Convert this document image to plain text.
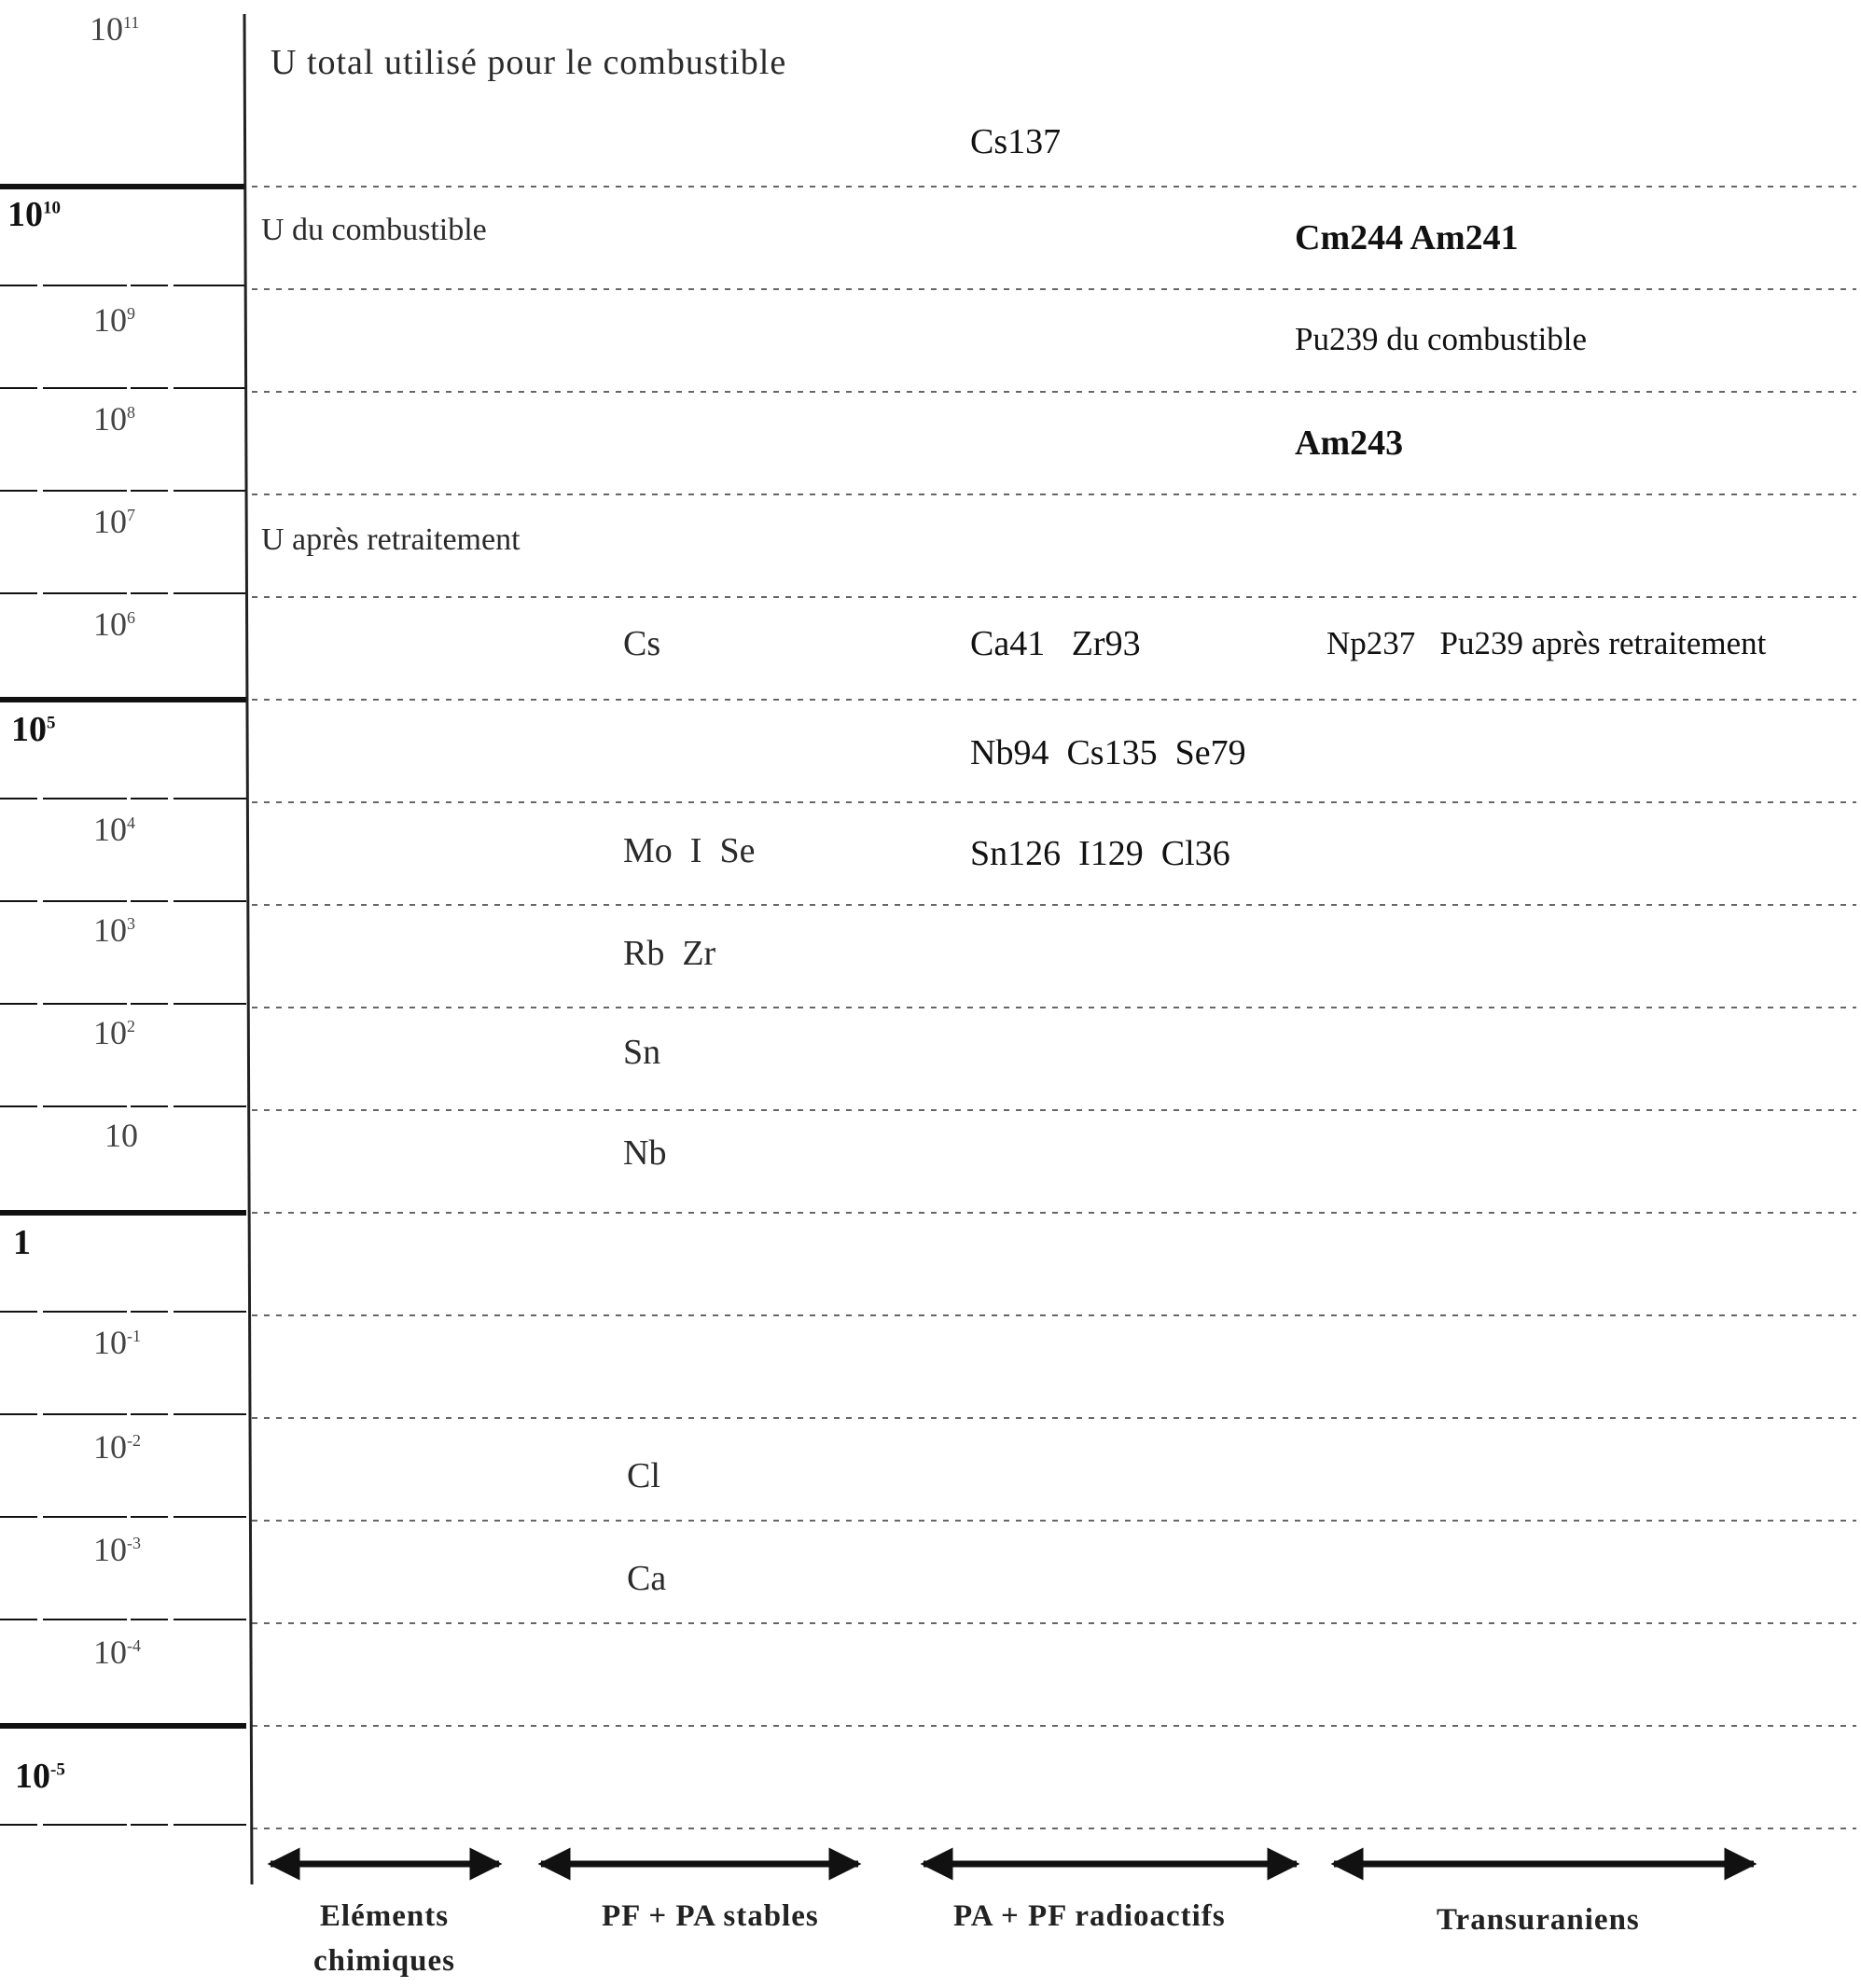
$10^{11}$
$10^{10}$
$10^9$
$10^8$
$10^7$
$10^6$
$10^5$
$10^4$
$10^3$
$10^2$
10
1
$10^{-1}$
$10^{-2}$
$10^{-3}$
$10^{-4}$
$10^{-5}$
U total utilisé pour le combustible
Cs137
U du combustible	Cm244 Am241
Pu239 du combustible
Am243
U après retraitement
Cs	Ca41   Zr93	Np237   Pu239 après retraitement
Nb94  Cs135  Se79
Mo  I  Se	Sn126  I129  Cl36
Rb  Zr
Sn
Nb
Cl
Ca
Eléments chimiques
PF + PA stables	PA + PF radioactifs	Transuraniens
